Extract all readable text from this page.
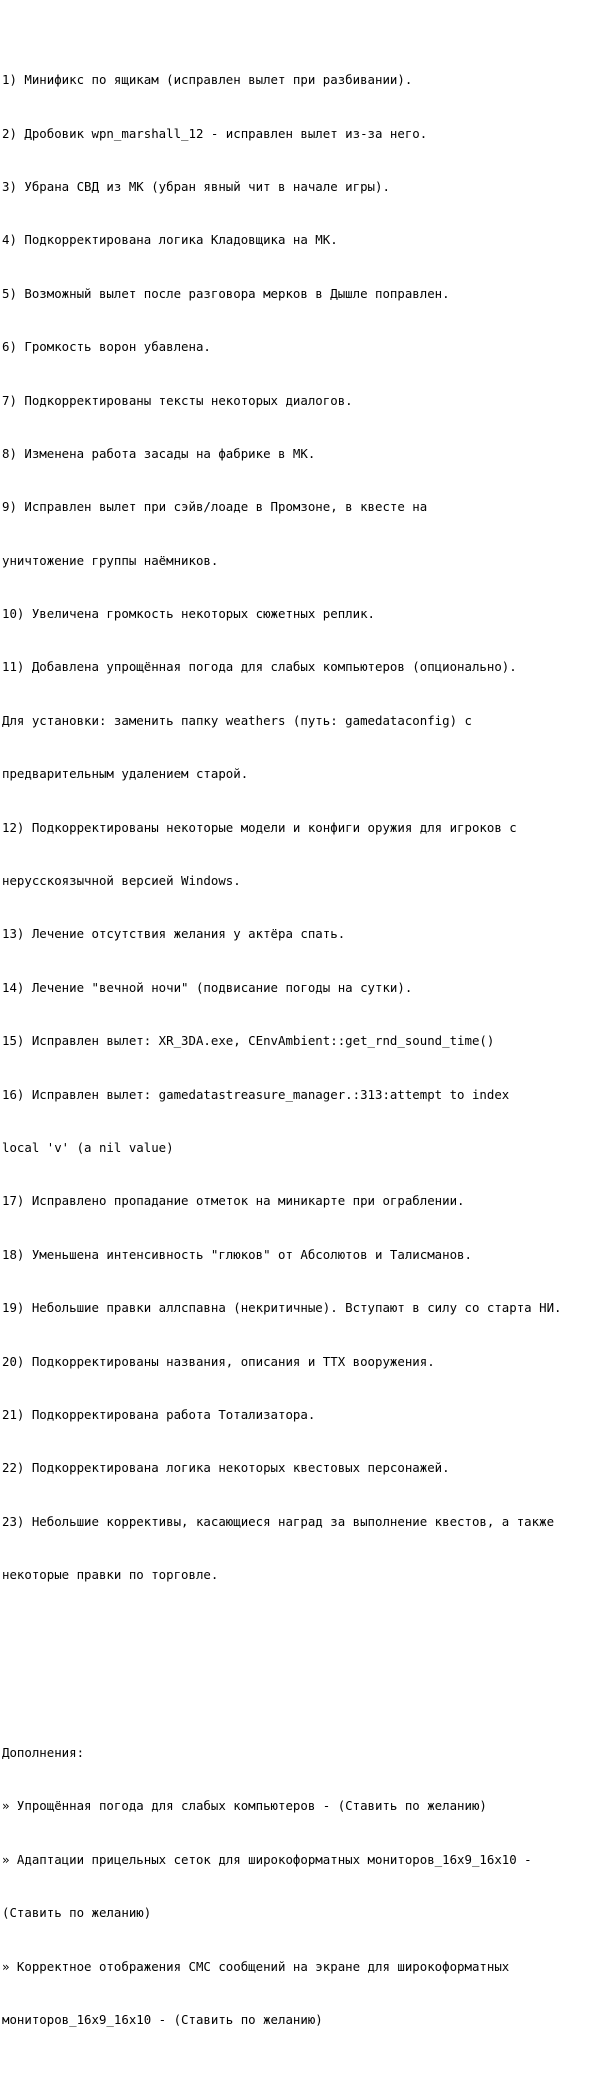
1) Минификс по ящикам (исправлен вылет при разбивании).

2) Дробовик wpn_marshall_12 - исправлен вылет из-за него.

3) Убрана СВД из МК (убран явный чит в начале игры).

4) Подкорректирована логика Кладовщика на МК.

5) Возможный вылет после разговора мерков в Дышле поправлен.

6) Громкость ворон убавлена.

7) Подкорректированы тексты некоторых диалогов.

8) Изменена работа засады на фабрике в МК.

9) Исправлен вылет при сэйв/лоаде в Промзоне, в квесте на

уничтожение группы наёмников.

10) Увеличена громкость некоторых сюжетных реплик.

11) Добавлена упрощённая погода для слабых компьютеров (опционально).

Для установки: заменить папку weathers (путь: gamedataconfig) с

предварительным удалением старой.

12) Подкорректированы некоторые модели и конфиги оружия для игроков с

нерусскоязычной версией Windows.

13) Лечение отсутствия желания у актёра спать.

14) Лечение "вечной ночи" (подвисание погоды на сутки).

15) Исправлен вылет: XR_3DA.exe, CEnvAmbient::get_rnd_sound_time()

16) Исправлен вылет: gamedatastreasure_manager.:313:attempt to index

local 'v' (a nil value)

17) Исправлено пропадание отметок на миникарте при ограблении.

18) Уменьшена интенсивность "глюков" от Абсолютов и Талисманов.

19) Небольшие правки аллспавна (некритичные). Вступают в силу со старта НИ.

20) Подкорректированы названия, описания и ТТХ вооружения.

21) Подкорректирована работа Тотализатора.

22) Подкорректирована логика некоторых квестовых персонажей.

23) Небольшие коррективы, касающиеся наград за выполнение квестов, а также

некоторые правки по торговле.

Дополнения:

» Упрощённая погода для слабых компьютеров - (Ставить по желанию)

» Адаптации прицельных сеток для широкоформатных мониторов_16x9_16x10 -

(Ставить по желанию)

» Корректное отображения СМС сообщений на экране для широкоформатных

мониторов_16x9_16x10 - (Ставить по желанию)
